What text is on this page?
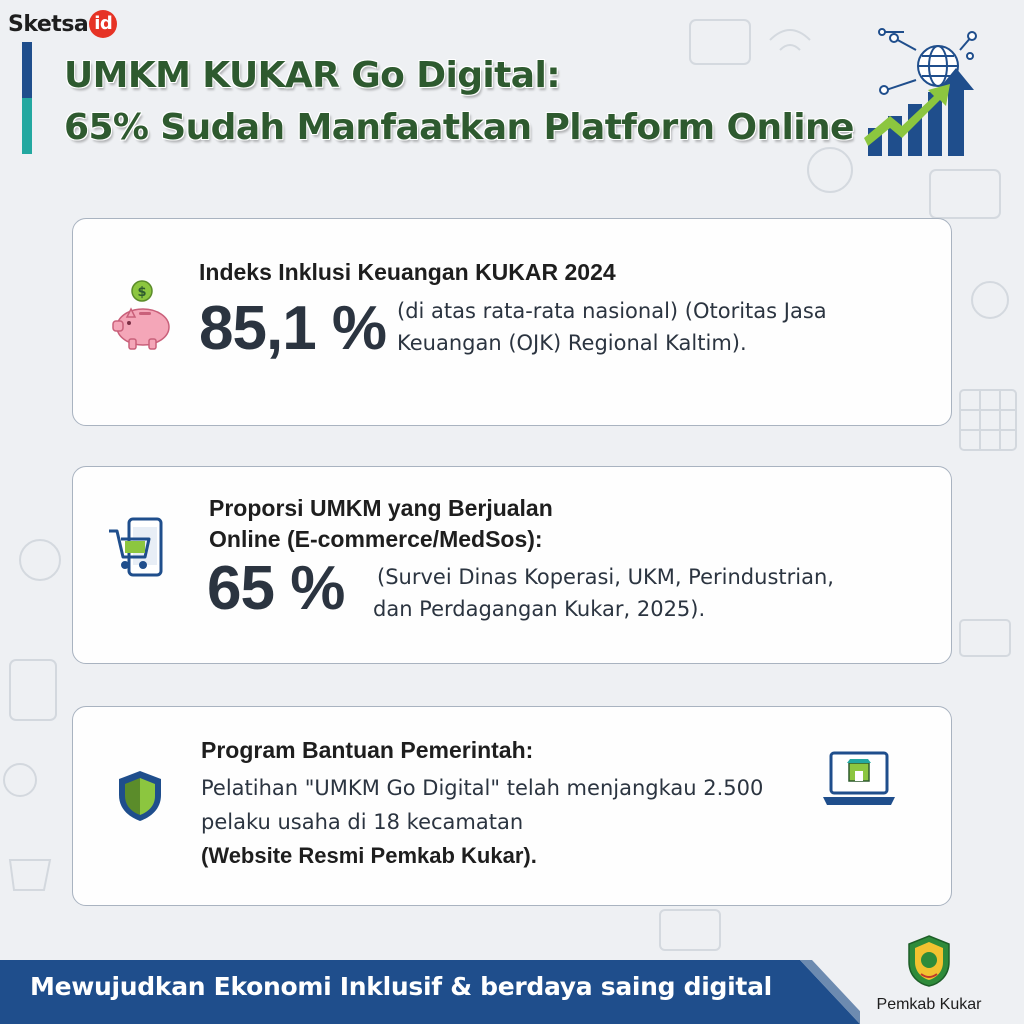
Sketsa id
UMKM KUKAR Go Digital:
65% Sudah Manfaatkan Platform Online
$
Indeks Inklusi Keuangan KUKAR 2024
85,1 % (di atas rata-rata nasional) (Otoritas Jasa
Keuangan (OJK) Regional Kaltim).
Proporsi UMKM yang Berjualan
Online (E-commerce/MedSos):
65 % (Survei Dinas Koperasi, UKM, Perindustrian,
dan Perdagangan Kukar, 2025).
Program Bantuan Pemerintah:
Pelatihan "UMKM Go Digital" telah menjangkau 2.500
pelaku usaha di 18 kecamatan
(Website Resmi Pemkab Kukar).
Mewujudkan Ekonomi Inklusif & berdaya saing digital
Pemkab Kukar
